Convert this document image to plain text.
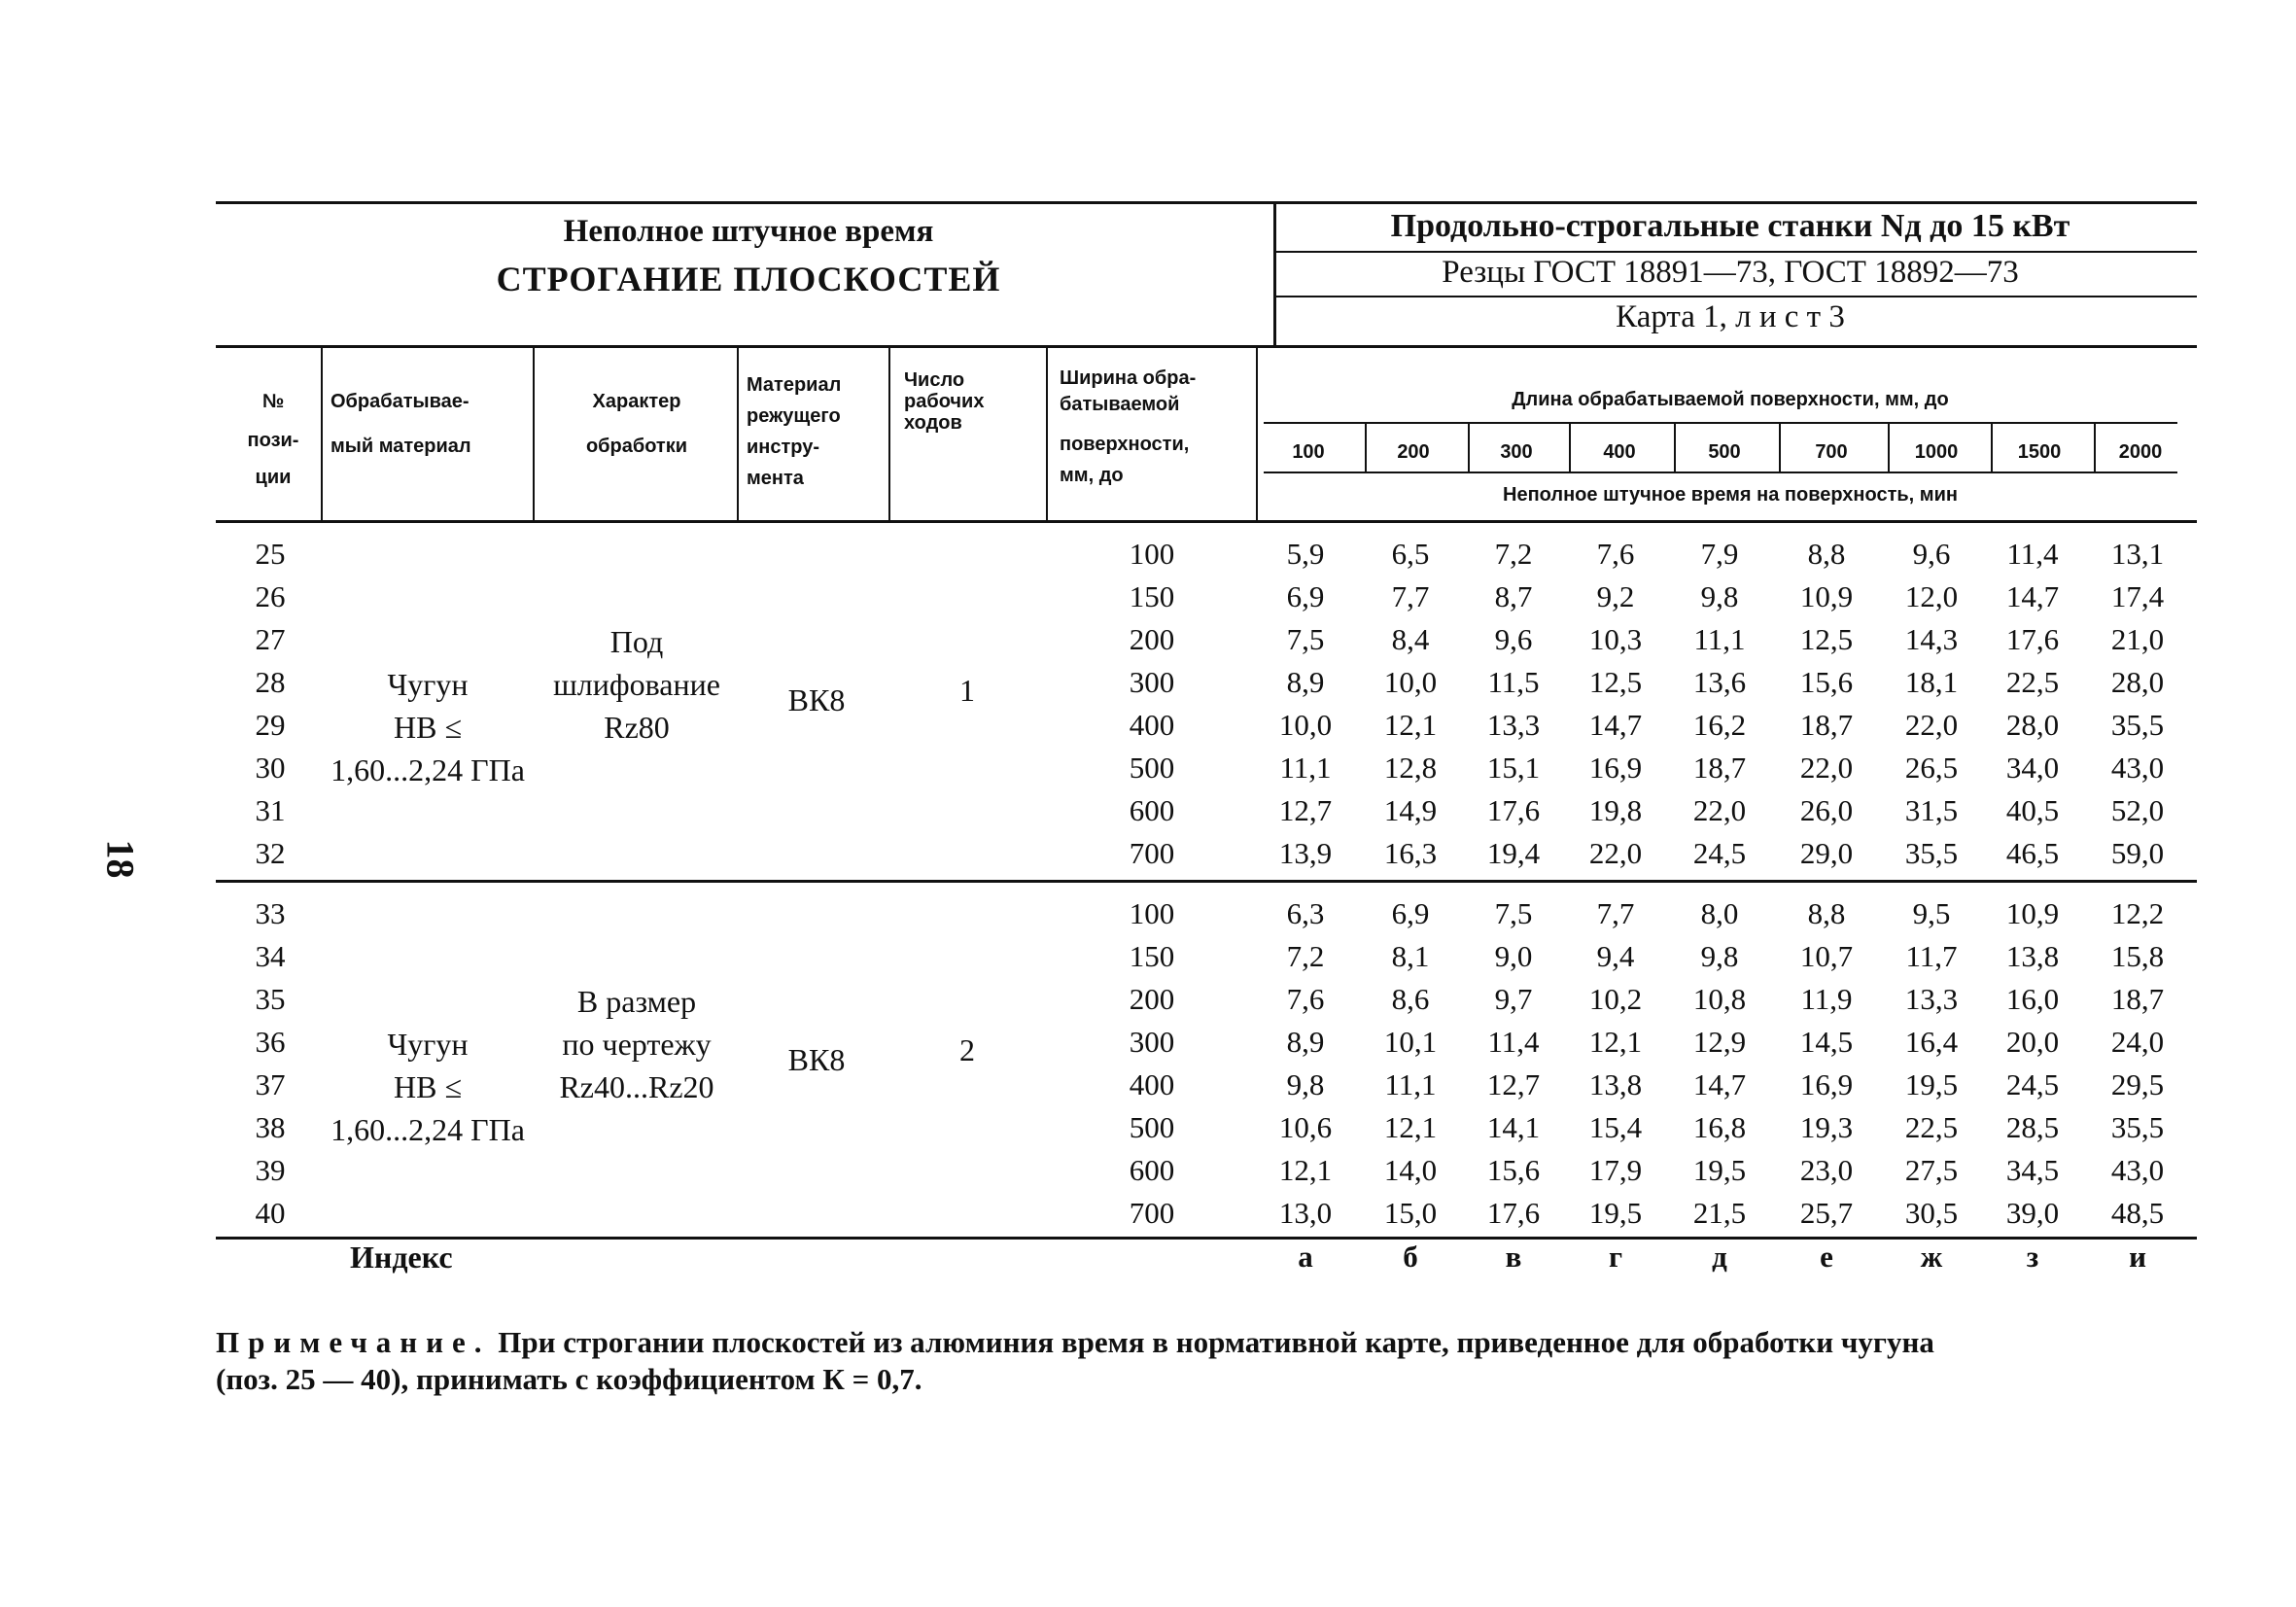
18
Неполное штучное время
СТРОГАНИЕ ПЛОСКОСТЕЙ
Продольно-строгальные станки Nд до 15 кВт
Резцы ГОСТ 18891—73, ГОСТ 18892—73
Карта 1, л и с т 3
№
пози-
ции
Обрабатывае-
мый материал
Характер
обработки
Материал
режущего
инстру-
мента
Число
рабочих
ходов
Ширина обра-
батываемой
поверхности,
мм, до
Длина обрабатываемой поверхности, мм, до
100	200	300	400	500	700	1000	1500	2000
Неполное штучное время на поверхность, мин
25	100	5,9	6,5	7,2	7,6	7,9	8,8	9,6	11,4	13,1
26	150	6,9	7,7	8,7	9,2	9,8	10,9	12,0	14,7	17,4
27	200	7,5	8,4	9,6	10,3	11,1	12,5	14,3	17,6	21,0
28	300	8,9	10,0	11,5	12,5	13,6	15,6	18,1	22,5	28,0
29	400	10,0	12,1	13,3	14,7	16,2	18,7	22,0	28,0	35,5
30	500	11,1	12,8	15,1	16,9	18,7	22,0	26,5	34,0	43,0
31	600	12,7	14,9	17,6	19,8	22,0	26,0	31,5	40,5	52,0
32	700	13,9	16,3	19,4	22,0	24,5	29,0	35,5	46,5	59,0
Чугун
НВ ≤
1,60...2,24 ГПа
Под
шлифование
Rz80
ВК8	1
33	100	6,3	6,9	7,5	7,7	8,0	8,8	9,5	10,9	12,2
34	150	7,2	8,1	9,0	9,4	9,8	10,7	11,7	13,8	15,8
35	200	7,6	8,6	9,7	10,2	10,8	11,9	13,3	16,0	18,7
36	300	8,9	10,1	11,4	12,1	12,9	14,5	16,4	20,0	24,0
37	400	9,8	11,1	12,7	13,8	14,7	16,9	19,5	24,5	29,5
38	500	10,6	12,1	14,1	15,4	16,8	19,3	22,5	28,5	35,5
39	600	12,1	14,0	15,6	17,9	19,5	23,0	27,5	34,5	43,0
40	700	13,0	15,0	17,6	19,5	21,5	25,7	30,5	39,0	48,5
Чугун
НВ ≤
1,60...2,24 ГПа
В размер
по чертежу
Rz40...Rz20
ВК8	2
Индекс	а	б	в	г	д	е	ж	з	и
Примечание. При строгании плоскостей из алюминия время в нормативной карте, приведенное для обработки чугуна
(поз. 25 — 40), принимать с коэффициентом К = 0,7.
